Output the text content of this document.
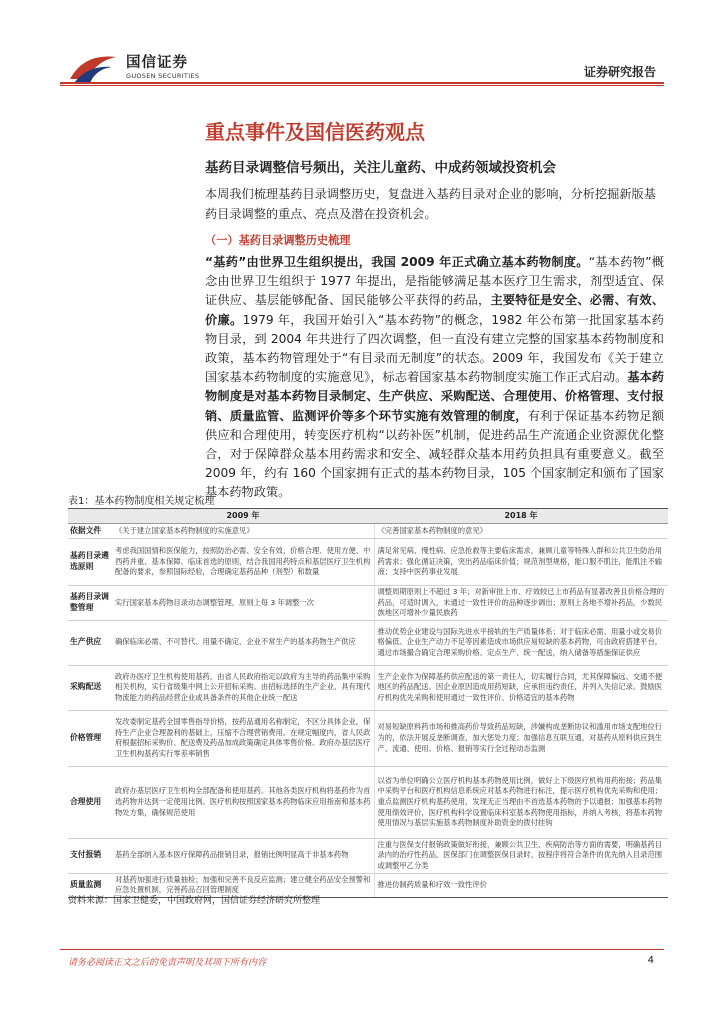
国信证券
GUOSEN SECURITIES	证券研究报告
重点事件及国信医药观点
基药目录调整信号频出，关注儿童药、中成药领域投资机会

本周我们梳理基药目录调整历史，复盘进入基药目录对企业的影响，分析挖掘新版基药目录调整的重点、亮点及潜在投资机会。

（一）基药目录调整历史梳理

“基药”由世界卫生组织提出，我国 2009 年正式确立基本药物制度。“基本药物”概念由世界卫生组织于 1977 年提出，是指能够满足基本医疗卫生需求，剂型适宜、保证供应、基层能够配备、国民能够公平获得的药品，主要特征是安全、必需、有效、价廉。1979 年，我国开始引入“基本药物”的概念，1982 年公布第一批国家基本药物目录，到 2004 年共进行了四次调整，但一直没有建立完整的国家基本药物制度和政策，基本药物管理处于“有目录而无制度”的状态。2009 年，我国发布《关于建立国家基本药物制度的实施意见》，标志着国家基本药物制度实施工作正式启动。基本药物制度是对基本药物目录制定、生产供应、采购配送、合理使用、价格管理、支付报销、质量监管、监测评价等多个环节实施有效管理的制度，有利于保证基本药物足额供应和合理使用，转变医疗机构“以药补医”机制，促进药品生产流通企业资源优化整合，对于保障群众基本用药需求和安全、减轻群众基本用药负担具有重要意义。截至 2009 年，约有 160 个国家拥有正式的基本药物目录，105 个国家制定和颁布了国家基本药物政策。

表1：基本药物制度相关规定梳理
	2009 年	2018 年
依据文件	《关于建立国家基本药物制度的实施意见》	《完善国家基本药物制度的意见》
基药目录遴选原则	考虑我国国情和医保能力，按照防治必需、安全有效、价格合理、使用方便、中西药并重、基本保障、临床首选的原则，结合我国用药特点和基层医疗卫生机构配备的要求，参照国际经验，合理确定基药品种（剂型）和数量	满足常见病、慢性病、应急抢救等主要临床需求，兼顾儿童等特殊人群和公共卫生防治用药需求；强化循证决策，突出药品临床价值；规范剂型规格，能口服不肌注，能肌注不输液；支持中医药事业发展
基药目录调整管理	实行国家基本药物目录动态调整管理，原则上每 3 年调整一次	调整周期原则上不超过 3 年；对新审批上市、疗效较已上市药品有显著改善且价格合理的药品，可适时调入，未通过一致性评价的品种逐步调出；原则上各地不增补药品，少数民族地区可增补少量民族药
生产供应	确保临床必需、不可替代、用量不确定、企业不常生产的基本药物生产供应	推动优势企业建设与国际先进水平接轨的生产质量体系；对于临床必需、用量小或交易价格偏低、企业生产动力不足等因素造成市场供应易短缺的基本药物，可由政府搭建平台，通过市场撮合确定合理采购价格、定点生产、统一配送，纳入储备等措施保证供应
采购配送	政府办医疗卫生机构使用基药，由省人民政府指定以政府为主导的药品集中采购相关机构，实行省级集中网上公开招标采购。由招标选择的生产企业、具有现代物流能力的药品经营企业或具备条件的其他企业统一配送	生产企业作为保障基药供应配送的第一责任人，切实履行合同，尤其保障偏远、交通不便地区的药品配送。因企业原因造成用药短缺，应承担违约责任，并列入失信记录。鼓励医疗机构优先采购和使用通过一致性评价、价格适宜的基本药物
价格管理	发改委制定基药全国零售指导价格，按药品通用名称制定，不区分具体企业，保持生产企业合理盈利的基础上，压缩不合理营销费用。在规定幅度内，省人民政府根据招标采购价、配送费及药品加成政策确定具体零售价格。政府办基层医疗卫生机构基药实行零差率销售	对易短缺原料药市场和推高药价导致药品短缺，涉嫌构成垄断协议和滥用市场支配地位行为的，依法开展反垄断调查，加大惩处力度；加强信息互联互通，对基药从原料供应到生产、流通、使用、价格、报销等实行全过程动态监测
合理使用	政府办基层医疗卫生机构全部配备和使用基药。其他各类医疗机构将基药作为首选药物并达到一定使用比例。医疗机构按照国家基本药物临床应用指南和基本药物处方集，确保规范使用	以省为单位明确公立医疗机构基本药物使用比例，做好上下级医疗机构用药衔接；药品集中采购平台和医疗机构信息系统应对基本药物进行标注，提示医疗机构优先采购和使用；重点监测医疗机构基药使用，发现无正当理由不首选基本药物的予以通报；加强基本药物使用绩效评价，医疗机构科学设置临床科室基本药物使用指标，并纳入考核，将基本药物使用情况与基层实施基本药物制度补助资金的拨付挂钩
支付报销	基药全部纳入基本医疗保障药品报销目录，报销比例明显高于非基本药物	注重与医保支付报销政策做好衔接，兼顾公共卫生、疾病防治等方面的需要，明确基药目录内的治疗性药品，医保部门在调整医保目录时，按程序将符合条件的优先纳入目录范围或调整甲乙分类
质量监测	对基药加强进行质量抽检；加强和完善不良反应监测；建立健全药品安全预警和应急处置机制，完善药品召回管理制度	推进仿制药质量和疗效一致性评价
资料来源：国家卫健委，中国政府网，国信证券经济研究所整理
请务必阅读正文之后的免责声明及其项下所有内容	4
